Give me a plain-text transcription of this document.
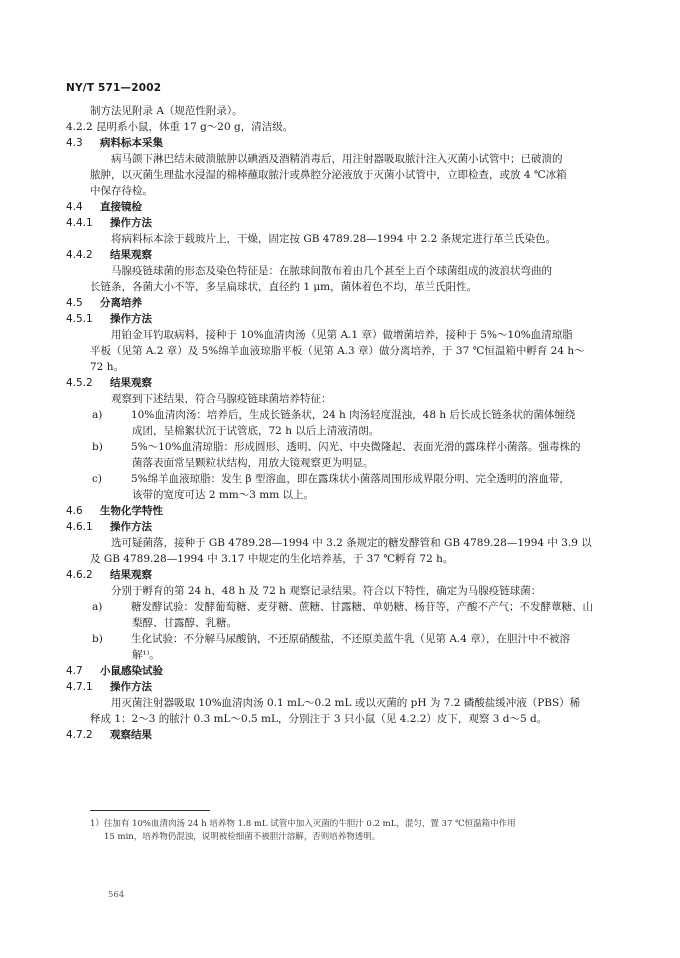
NY/T 571—2002
制方法见附录 A（规范性附录）。
4.2.2 昆明系小鼠，体重 17 g～20 g，清洁级。
4.3 病料标本采集
病马颌下淋巴结未破溃脓肿以碘酒及酒精消毒后，用注射器吸取脓汁注入灭菌小试管中；已破溃的
脓肿，以灭菌生理盐水浸湿的棉棒蘸取脓汁或鼻腔分泌液放于灭菌小试管中，立即检查，或放 4 ℃冰箱
中保存待检。
4.4 直接镜检
4.4.1 操作方法
将病料标本涂于载玻片上，干燥，固定按 GB 4789.28—1994 中 2.2 条规定进行革兰氏染色。
4.4.2 结果观察
马腺疫链球菌的形态及染色特征是：在脓球间散布着由几个甚至上百个球菌组成的波浪状弯曲的
长链条，各菌大小不等，多呈扁球状，直径约 1 μm，菌体着色不均，革兰氏阳性。
4.5 分离培养
4.5.1 操作方法
用铂金耳钓取病料，接种于 10%血清肉汤（见第 A.1 章）做增菌培养，接种于 5%～10%血清琼脂
平板（见第 A.2 章）及 5%绵羊血液琼脂平板（见第 A.3 章）做分离培养，于 37 ℃恒温箱中孵育 24 h～
72 h。
4.5.2 结果观察
观察到下述结果，符合马腺疫链球菌培养特征：
a)	10%血清肉汤：培养后，生成长链条状，24 h 肉汤轻度混浊，48 h 后长成长链条状的菌体缠绕
成团，呈棉絮状沉于试管底，72 h 以后上清液清朗。
b)	5%～10%血清琼脂：形成圆形、透明、闪光、中央微隆起、表面光滑的露珠样小菌落。强毒株的
菌落表面常呈颗粒状结构，用放大镜观察更为明显。
c)	5%绵羊血液琼脂：发生 β 型溶血，即在露珠状小菌落周围形成界限分明、完全透明的溶血带，
该带的宽度可达 2 mm～3 mm 以上。
4.6 生物化学特性
4.6.1 操作方法
选可疑菌落，接种于 GB 4789.28—1994 中 3.2 条规定的糖发酵管和 GB 4789.28—1994 中 3.9 以
及 GB 4789.28—1994 中 3.17 中规定的生化培养基，于 37 ℃孵育 72 h。
4.6.2 结果观察
分别于孵育的第 24 h、48 h 及 72 h 观察记录结果。符合以下特性，确定为马腺疫链球菌：
a)	糖发酵试验：发酵葡萄糖、麦芽糖、蔗糖、甘露糖、单奶糖、杨苷等，产酸不产气；不发酵蕈糖、山
梨醇、甘露醇、乳糖。
b)	生化试验：不分解马尿酸钠，不还原硝酸盐，不还原美蓝牛乳（见第 A.4 章），在胆汁中不被溶
解¹⁾。
4.7 小鼠感染试验
4.7.1 操作方法
用灭菌注射器吸取 10%血清肉汤 0.1 mL～0.2 mL 或以灭菌的 pH 为 7.2 磷酸盐缓冲液（PBS）稀
释成 1：2～3 的脓汁 0.3 mL～0.5 mL，分别注于 3 只小鼠（见 4.2.2）皮下，观察 3 d～5 d。
4.7.2 观察结果
1）往加有 10%血清肉汤 24 h 培养物 1.8 mL 试管中加入灭菌的牛胆汁 0.2 mL，混匀，置 37 ℃恒温箱中作用
15 min，培养物仍混浊，说明被检细菌不被胆汁溶解，否则培养物透明。
564
